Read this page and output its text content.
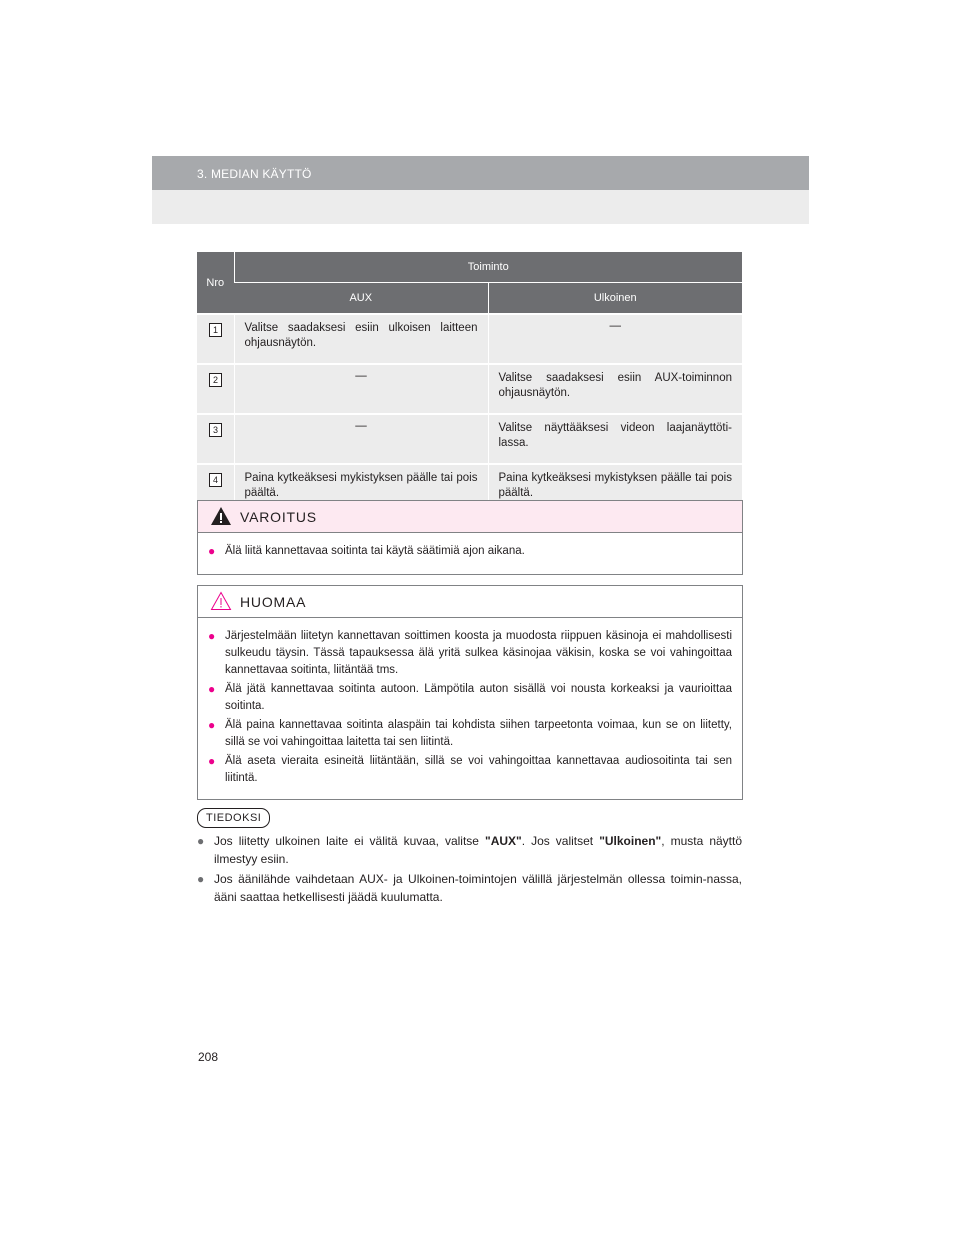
3. MEDIAN KÄYTTÖ
Nro	Toiminto	
	AUX	Ulkoinen
1	Valitse saadaksesi esiin ulkoisen laitteen ohjausnäytön.	—
2	—	Valitse saadaksesi esiin AUX-toiminnon ohjausnäytön.
3	—	Valitse näyttääksesi videon laajanäyttöti-lassa.
4	Paina kytkeäksesi mykistyksen päälle tai pois päältä.	Paina kytkeäksesi mykistyksen päälle tai pois päältä.
VAROITUS
● Älä liitä kannettavaa soitinta tai käytä säätimiä ajon aikana.
HUOMAA
● Järjestelmään liitetyn kannettavan soittimen koosta ja muodosta riippuen käsinoja ei mahdollisesti sulkeudu täysin. Tässä tapauksessa älä yritä sulkea käsinojaa väkisin, koska se voi vahingoittaa kannettavaa soitinta, liitäntää tms.
● Älä jätä kannettavaa soitinta autoon. Lämpötila auton sisällä voi nousta korkeaksi ja vaurioittaa soitinta.
● Älä paina kannettavaa soitinta alaspäin tai kohdista siihen tarpeetonta voimaa, kun se on liitetty, sillä se voi vahingoittaa laitetta tai sen liitintä.
● Älä aseta vieraita esineitä liitäntään, sillä se voi vahingoittaa kannettavaa audiosoitinta tai sen liitintä.
TIEDOKSI
● Jos liitetty ulkoinen laite ei välitä kuvaa, valitse "AUX". Jos valitset "Ulkoinen", musta näyttö ilmestyy esiin.
● Jos äänilähde vaihdetaan AUX- ja Ulkoinen-toimintojen välillä järjestelmän ollessa toimin-nassa, ääni saattaa hetkellisesti jäädä kuulumatta.
208
